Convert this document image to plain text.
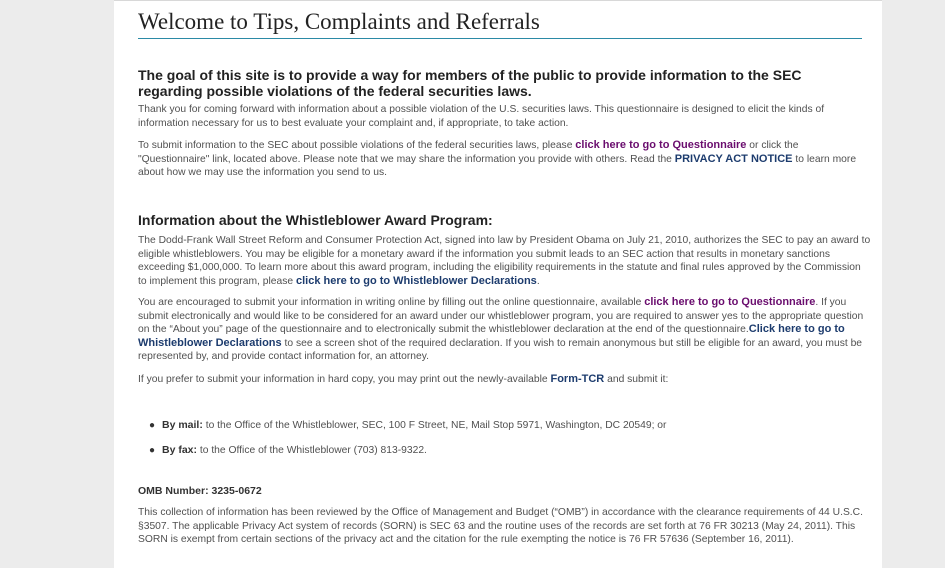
Welcome to Tips, Complaints and Referrals
The goal of this site is to provide a way for members of the public to provide information to the SEC regarding possible violations of the federal securities laws.

Thank you for coming forward with information about a possible violation of the U.S. securities laws. This questionnaire is designed to elicit the kinds of information necessary for us to best evaluate your complaint and, if appropriate, to take action.

To submit information to the SEC about possible violations of the federal securities laws, please click here to go to Questionnaire or click the "Questionnaire" link, located above. Please note that we may share the information you provide with others. Read the PRIVACY ACT NOTICE to learn more about how we may use the information you send to us.

Information about the Whistleblower Award Program:

The Dodd-Frank Wall Street Reform and Consumer Protection Act, signed into law by President Obama on July 21, 2010, authorizes the SEC to pay an award to eligible whistleblowers. You may be eligible for a monetary award if the information you submit leads to an SEC action that results in monetary sanctions exceeding $1,000,000. To learn more about this award program, including the eligibility requirements in the statute and final rules approved by the Commission to implement this program, please click here to go to Whistleblower Declarations.

You are encouraged to submit your information in writing online by filling out the online questionnaire, available click here to go to Questionnaire. If you submit electronically and would like to be considered for an award under our whistleblower program, you are required to answer yes to the appropriate question on the “About you” page of the questionnaire and to electronically submit the whistleblower declaration at the end of the questionnaire.Click here to go to Whistleblower Declarations to see a screen shot of the required declaration. If you wish to remain anonymous but still be eligible for an award, you must be represented by, and provide contact information for, an attorney.

If you prefer to submit your information in hard copy, you may print out the newly-available Form-TCR and submit it:

● By mail: to the Office of the Whistleblower, SEC, 100 F Street, NE, Mail Stop 5971, Washington, DC 20549; or
● By fax: to the Office of the Whistleblower (703) 813-9322.
OMB Number: 3235-0672

This collection of information has been reviewed by the Office of Management and Budget (“OMB”) in accordance with the clearance requirements of 44 U.S.C. §3507. The applicable Privacy Act system of records (SORN) is SEC 63 and the routine uses of the records are set forth at 76 FR 30213 (May 24, 2011). This SORN is exempt from certain sections of the privacy act and the citation for the rule exempting the notice is 76 FR 57636 (September 16, 2011).
